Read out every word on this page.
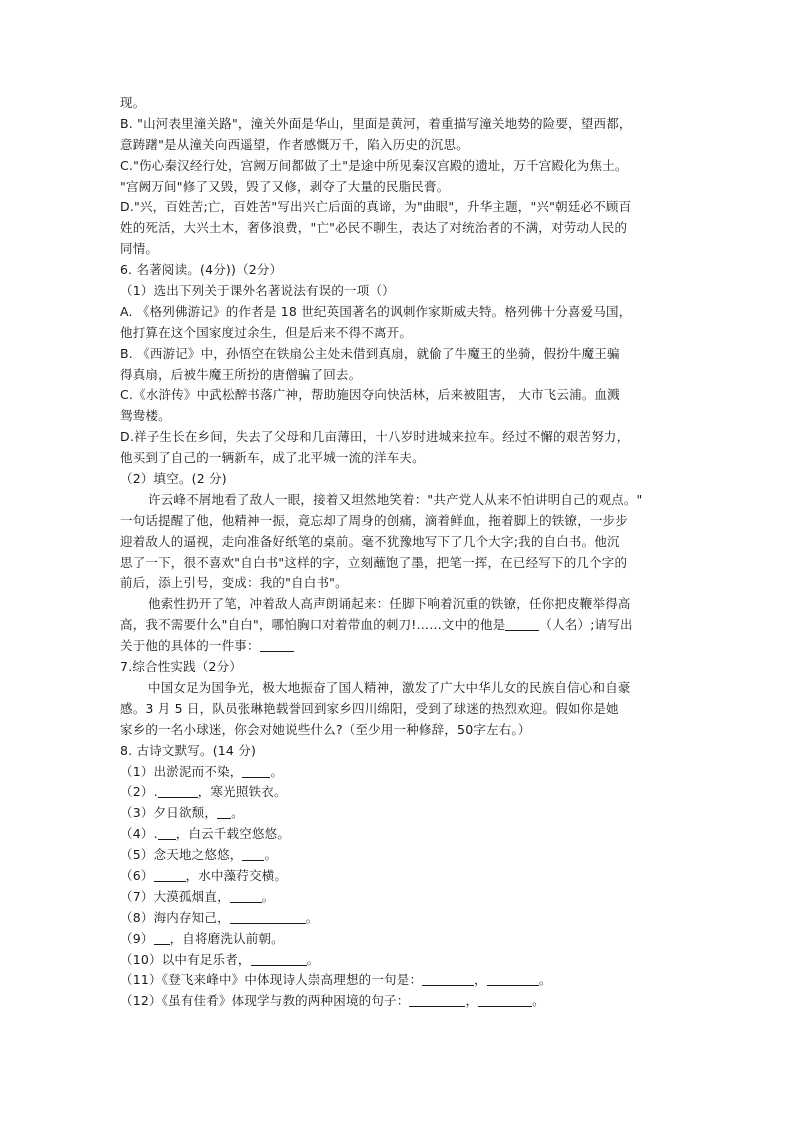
现。
B. "山河表里潼关路"，潼关外面是华山，里面是黄河，着重描写潼关地势的险要，望西都，
意踌躇"是从潼关向西遥望，作者感慨万千，陷入历史的沉思。
C."伤心秦汉经行处，宫阙万间都做了土"是途中所见秦汉宫殿的遗址，万千宫殿化为焦土。
"宫阙万间"修了又毁，毁了又修，剥夺了大量的民脂民膏。
D."兴，百姓苦;亡，百姓苦"写出兴亡后面的真谛，为"曲眼"，升华主题，"兴"朝廷必不顾百
姓的死活，大兴土木，奢侈浪费，"亡"必民不聊生，表达了对统治者的不满，对劳动人民的
同情。
6. 名著阅读。(4分))（2分）
（1）选出下列关于课外名著说法有误的一项（）
A. 《格列佛游记》的作者是 18 世纪英国著名的讽刺作家斯威夫特。格列佛十分喜爱马国，
他打算在这个国家度过余生，但是后来不得不离开。
B. 《西游记》中，孙悟空在铁扇公主处未借到真扇，就偷了牛魔王的坐骑，假扮牛魔王骗
得真扇，后被牛魔王所扮的唐僧骗了回去。
C.《水浒传》中武松醉书落广神，帮助施因夺向快活林，后来被阻害， 大市飞云浦。血溅
鸳鸯楼。
D.祥子生长在乡间，失去了父母和几亩薄田，十八岁时进城来拉车。经过不懈的艰苦努力，
他买到了自己的一辆新车，成了北平城一流的洋车夫。
（2）填空。(2 分)
许云峰不屑地看了敌人一眼，接着又坦然地笑着："共产党人从来不怕讲明自己的观点。"
一句话提醒了他，他精神一振，竟忘却了周身的创痛，滴着鲜血，拖着脚上的铁镣，一步步
迎着敌人的逼视，走向准备好纸笔的桌前。毫不犹豫地写下了几个大字;我的自白书。他沉
思了一下，很不喜欢"自白书"这样的字，立刻蘸饱了墨，把笔一挥，在已经写下的几个字的
前后，添上引号，变成：我的"自白书"。
他索性扔开了笔，冲着敌人高声朗诵起来：任脚下响着沉重的铁镣，任你把皮鞭举得高
高，我不需要什么"自白"，哪怕胸口对着带血的刺刀!……文中的他是	（人名）;请写出
关于他的具体的一件事：
7.综合性实践（2分）
中国女足为国争光，极大地振奋了国人精神，激发了广大中华儿女的民族自信心和自豪
感。3 月 5 日，队员张琳艳载誉回到家乡四川绵阳，受到了球迷的热烈欢迎。假如你是她
家乡的一名小球迷，你会对她说些什么?（至少用一种修辞，50字左右。）
8. 古诗文默写。(14 分)
（1）出淤泥而不染， 。
（2）.	，寒光照铁衣。
（3）夕日欲颓， 。
（4）. ，白云千载空悠悠。
（5）念天地之悠悠， 。
（6）	，水中藻荇交横。
（7）大漠孤烟直，	。
（8）海内存知己，	。
（9） ，自将磨洗认前朝。
（10）以中有足乐者，	。
（11）《登飞来峰中》中体现诗人崇高理想的一句是：	，	。
（12）《虽有佳肴》体现学与教的两种困境的句子：	，	。
